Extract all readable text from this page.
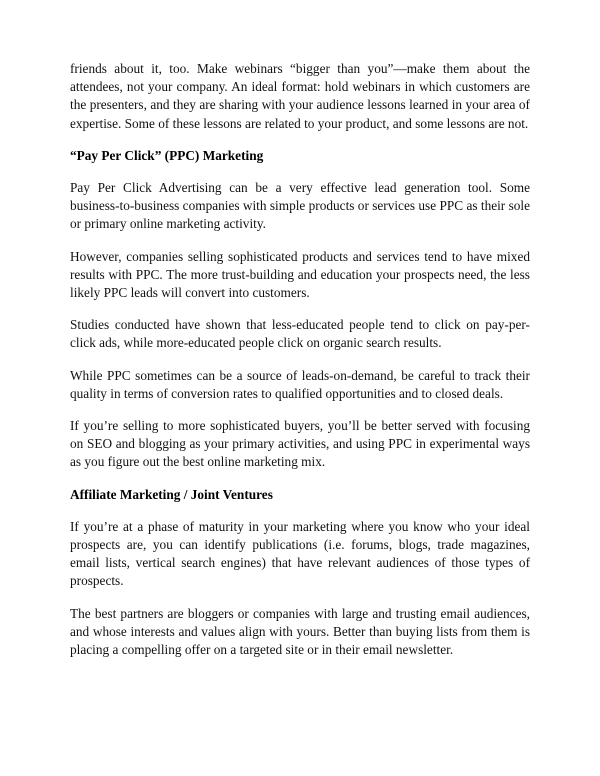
friends about it, too. Make webinars “bigger than you”—make them about the attendees, not your company. An ideal format: hold webinars in which customers are the presenters, and they are sharing with your audience lessons learned in your area of expertise. Some of these lessons are related to your product, and some lessons are not.

“Pay Per Click” (PPC) Marketing

Pay Per Click Advertising can be a very effective lead generation tool. Some business-to-business companies with simple products or services use PPC as their sole or primary online marketing activity.

However, companies selling sophisticated products and services tend to have mixed results with PPC. The more trust-building and education your prospects need, the less likely PPC leads will convert into customers.

Studies conducted have shown that less-educated people tend to click on pay-per-click ads, while more-educated people click on organic search results.

While PPC sometimes can be a source of leads-on-demand, be careful to track their quality in terms of conversion rates to qualified opportunities and to closed deals.

If you’re selling to more sophisticated buyers, you’ll be better served with focusing on SEO and blogging as your primary activities, and using PPC in experimental ways as you figure out the best online marketing mix.

Affiliate Marketing / Joint Ventures

If you’re at a phase of maturity in your marketing where you know who your ideal prospects are, you can identify publications (i.e. forums, blogs, trade magazines, email lists, vertical search engines) that have relevant audiences of those types of prospects.

The best partners are bloggers or companies with large and trusting email audiences, and whose interests and values align with yours. Better than buying lists from them is placing a compelling offer on a targeted site or in their email newsletter.
